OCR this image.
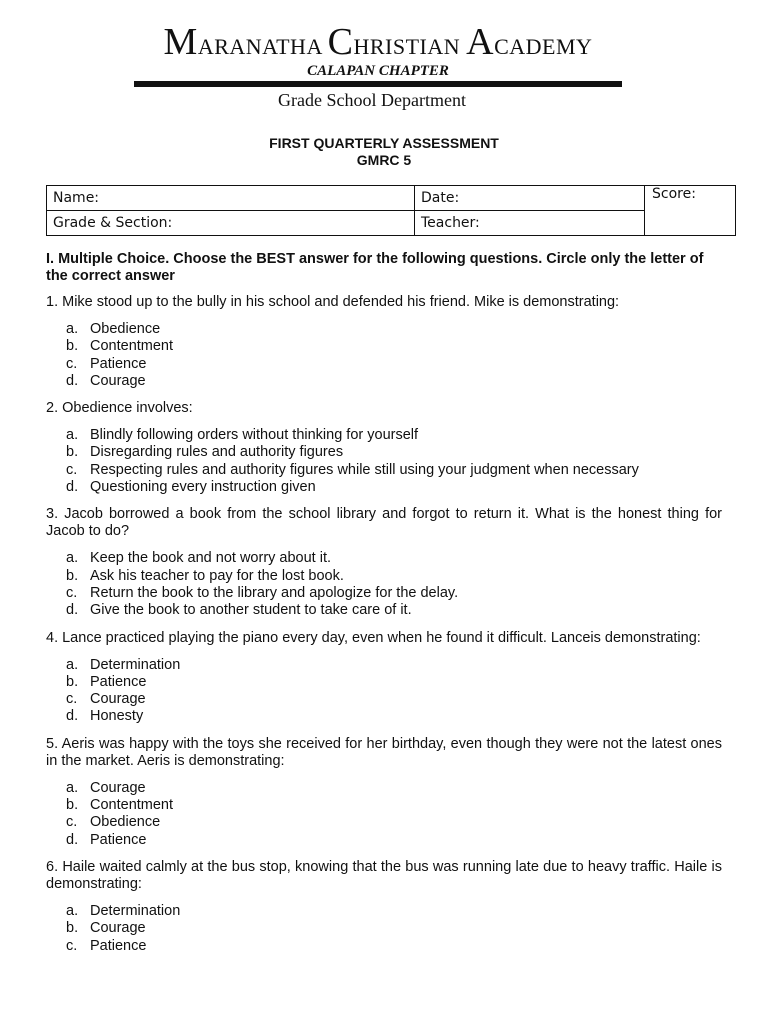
MARANATHA CHRISTIAN ACADEMY
CALAPAN CHAPTER
Grade School Department
FIRST QUARTERLY ASSESSMENT
GMRC 5
Name:	Date:	Score:
Grade & Section:	Teacher:

I. Multiple Choice. Choose the BEST answer for the following questions. Circle only the letter of the correct answer

1. Mike stood up to the bully in his school and defended his friend. Mike is demonstrating:

a. Obedience
b. Contentment
c. Patience
d. Courage

2. Obedience involves:

a. Blindly following orders without thinking for yourself
b. Disregarding rules and authority figures
c. Respecting rules and authority figures while still using your judgment when necessary
d. Questioning every instruction given

3. Jacob borrowed a book from the school library and forgot to return it. What is the honest thing for Jacob to do?

a. Keep the book and not worry about it.
b. Ask his teacher to pay for the lost book.
c. Return the book to the library and apologize for the delay.
d. Give the book to another student to take care of it.

4. Lance practiced playing the piano every day, even when he found it difficult. Lanceis demonstrating:

a. Determination
b. Patience
c. Courage
d. Honesty

5. Aeris was happy with the toys she received for her birthday, even though they were not the latest ones in the market. Aeris is demonstrating:

a. Courage
b. Contentment
c. Obedience
d. Patience

6. Haile waited calmly at the bus stop, knowing that the bus was running late due to heavy traffic. Haile is demonstrating:

a. Determination
b. Courage
c. Patience
